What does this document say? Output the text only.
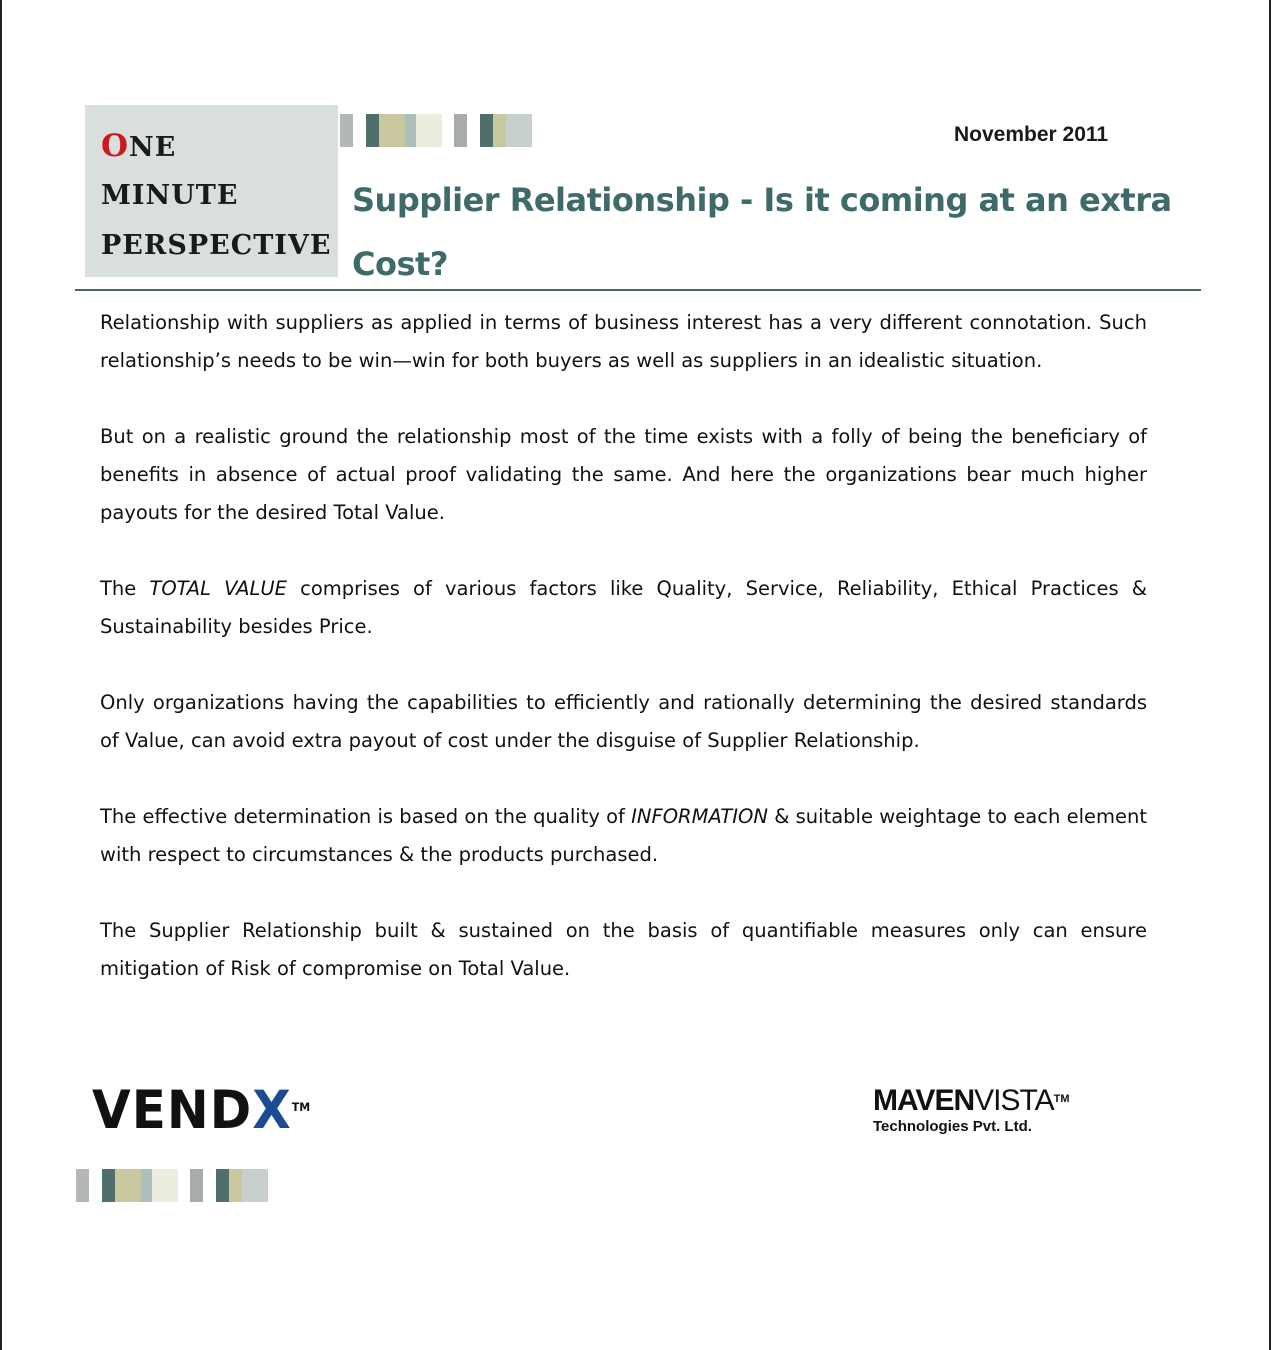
ONE
MINUTE
PERSPECTIVE
November 2011
Supplier Relationship - Is it coming at an extra Cost?

Relationship with suppliers as applied in terms of business interest has a very different connotation. Such relationship’s needs to be win—win for both buyers as well as suppliers in an idealistic situation.

But on a realistic ground the relationship most of the time exists with a folly of being the beneficiary of benefits in absence of actual proof validating the same. And here the organizations bear much higher payouts for the desired Total Value.

The TOTAL VALUE comprises of various factors like Quality, Service, Reliability, Ethical Practices & Sustainability besides Price.

Only organizations having the capabilities to efficiently and rationally determining the desired standards of Value, can avoid extra payout of cost under the disguise of Supplier Relationship.

The effective determination is based on the quality of INFORMATION & suitable weightage to each element with respect to circumstances & the products purchased.

The Supplier Relationship built & sustained on the basis of quantifiable measures only can ensure mitigation of Risk of compromise on Total Value.

VENDX™	MAVENVISTA™
Technologies Pvt. Ltd.
